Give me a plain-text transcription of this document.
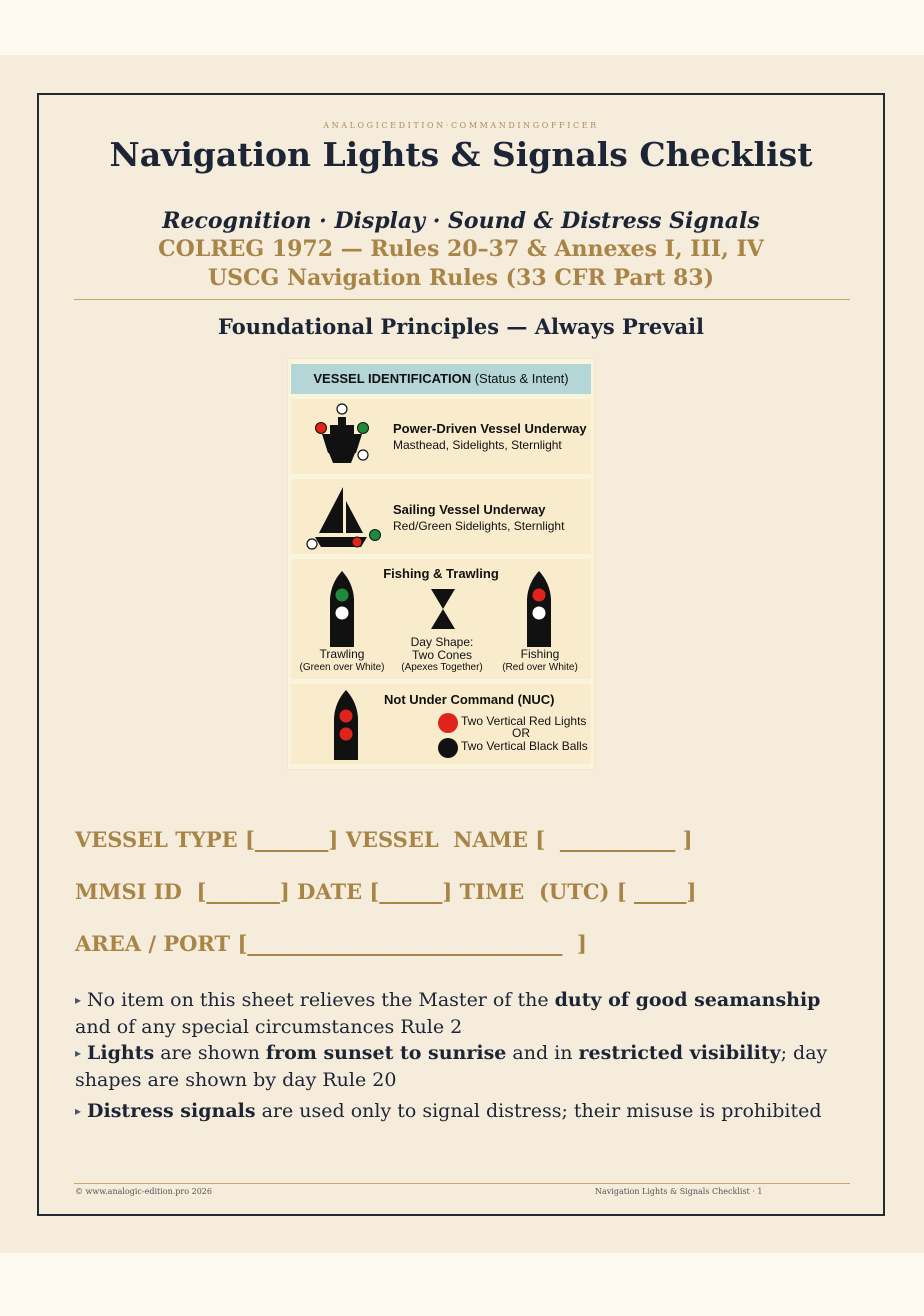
ANALOGICEDITION·COMMANDINGOFFICER
Navigation Lights & Signals Checklist
Recognition · Display · Sound & Distress Signals
COLREG 1972 — Rules 20–37 & Annexes I, III, IV
USCG Navigation Rules (33 CFR Part 83)
Foundational Principles — Always Prevail
VESSEL IDENTIFICATION (Status & Intent)
Power-Driven Vessel Underway
Masthead, Sidelights, Sternlight
Sailing Vessel Underway
Red/Green Sidelights, Sternlight
Fishing & Trawling
Trawling
(Green over White)
Day Shape:
Two Cones
(Apexes Together)
Fishing
(Red over White)
Not Under Command (NUC)
Two Vertical Red Lights
OR
Two Vertical Black Balls
VESSEL TYPE [_______] VESSEL  NAME [  ___________ ]
MMSI ID  [_______] DATE [______] TIME  (UTC) [ _____]
AREA / PORT [______________________________  ]
▸ No item on this sheet relieves the Master of the duty of good seamanship and of any special circumstances Rule 2
▸ Lights are shown from sunset to sunrise and in restricted visibility; day shapes are shown by day Rule 20
▸ Distress signals are used only to signal distress; their misuse is prohibited
© www.analogic-edition.pro 2026	Navigation Lights & Signals Checklist · 1
